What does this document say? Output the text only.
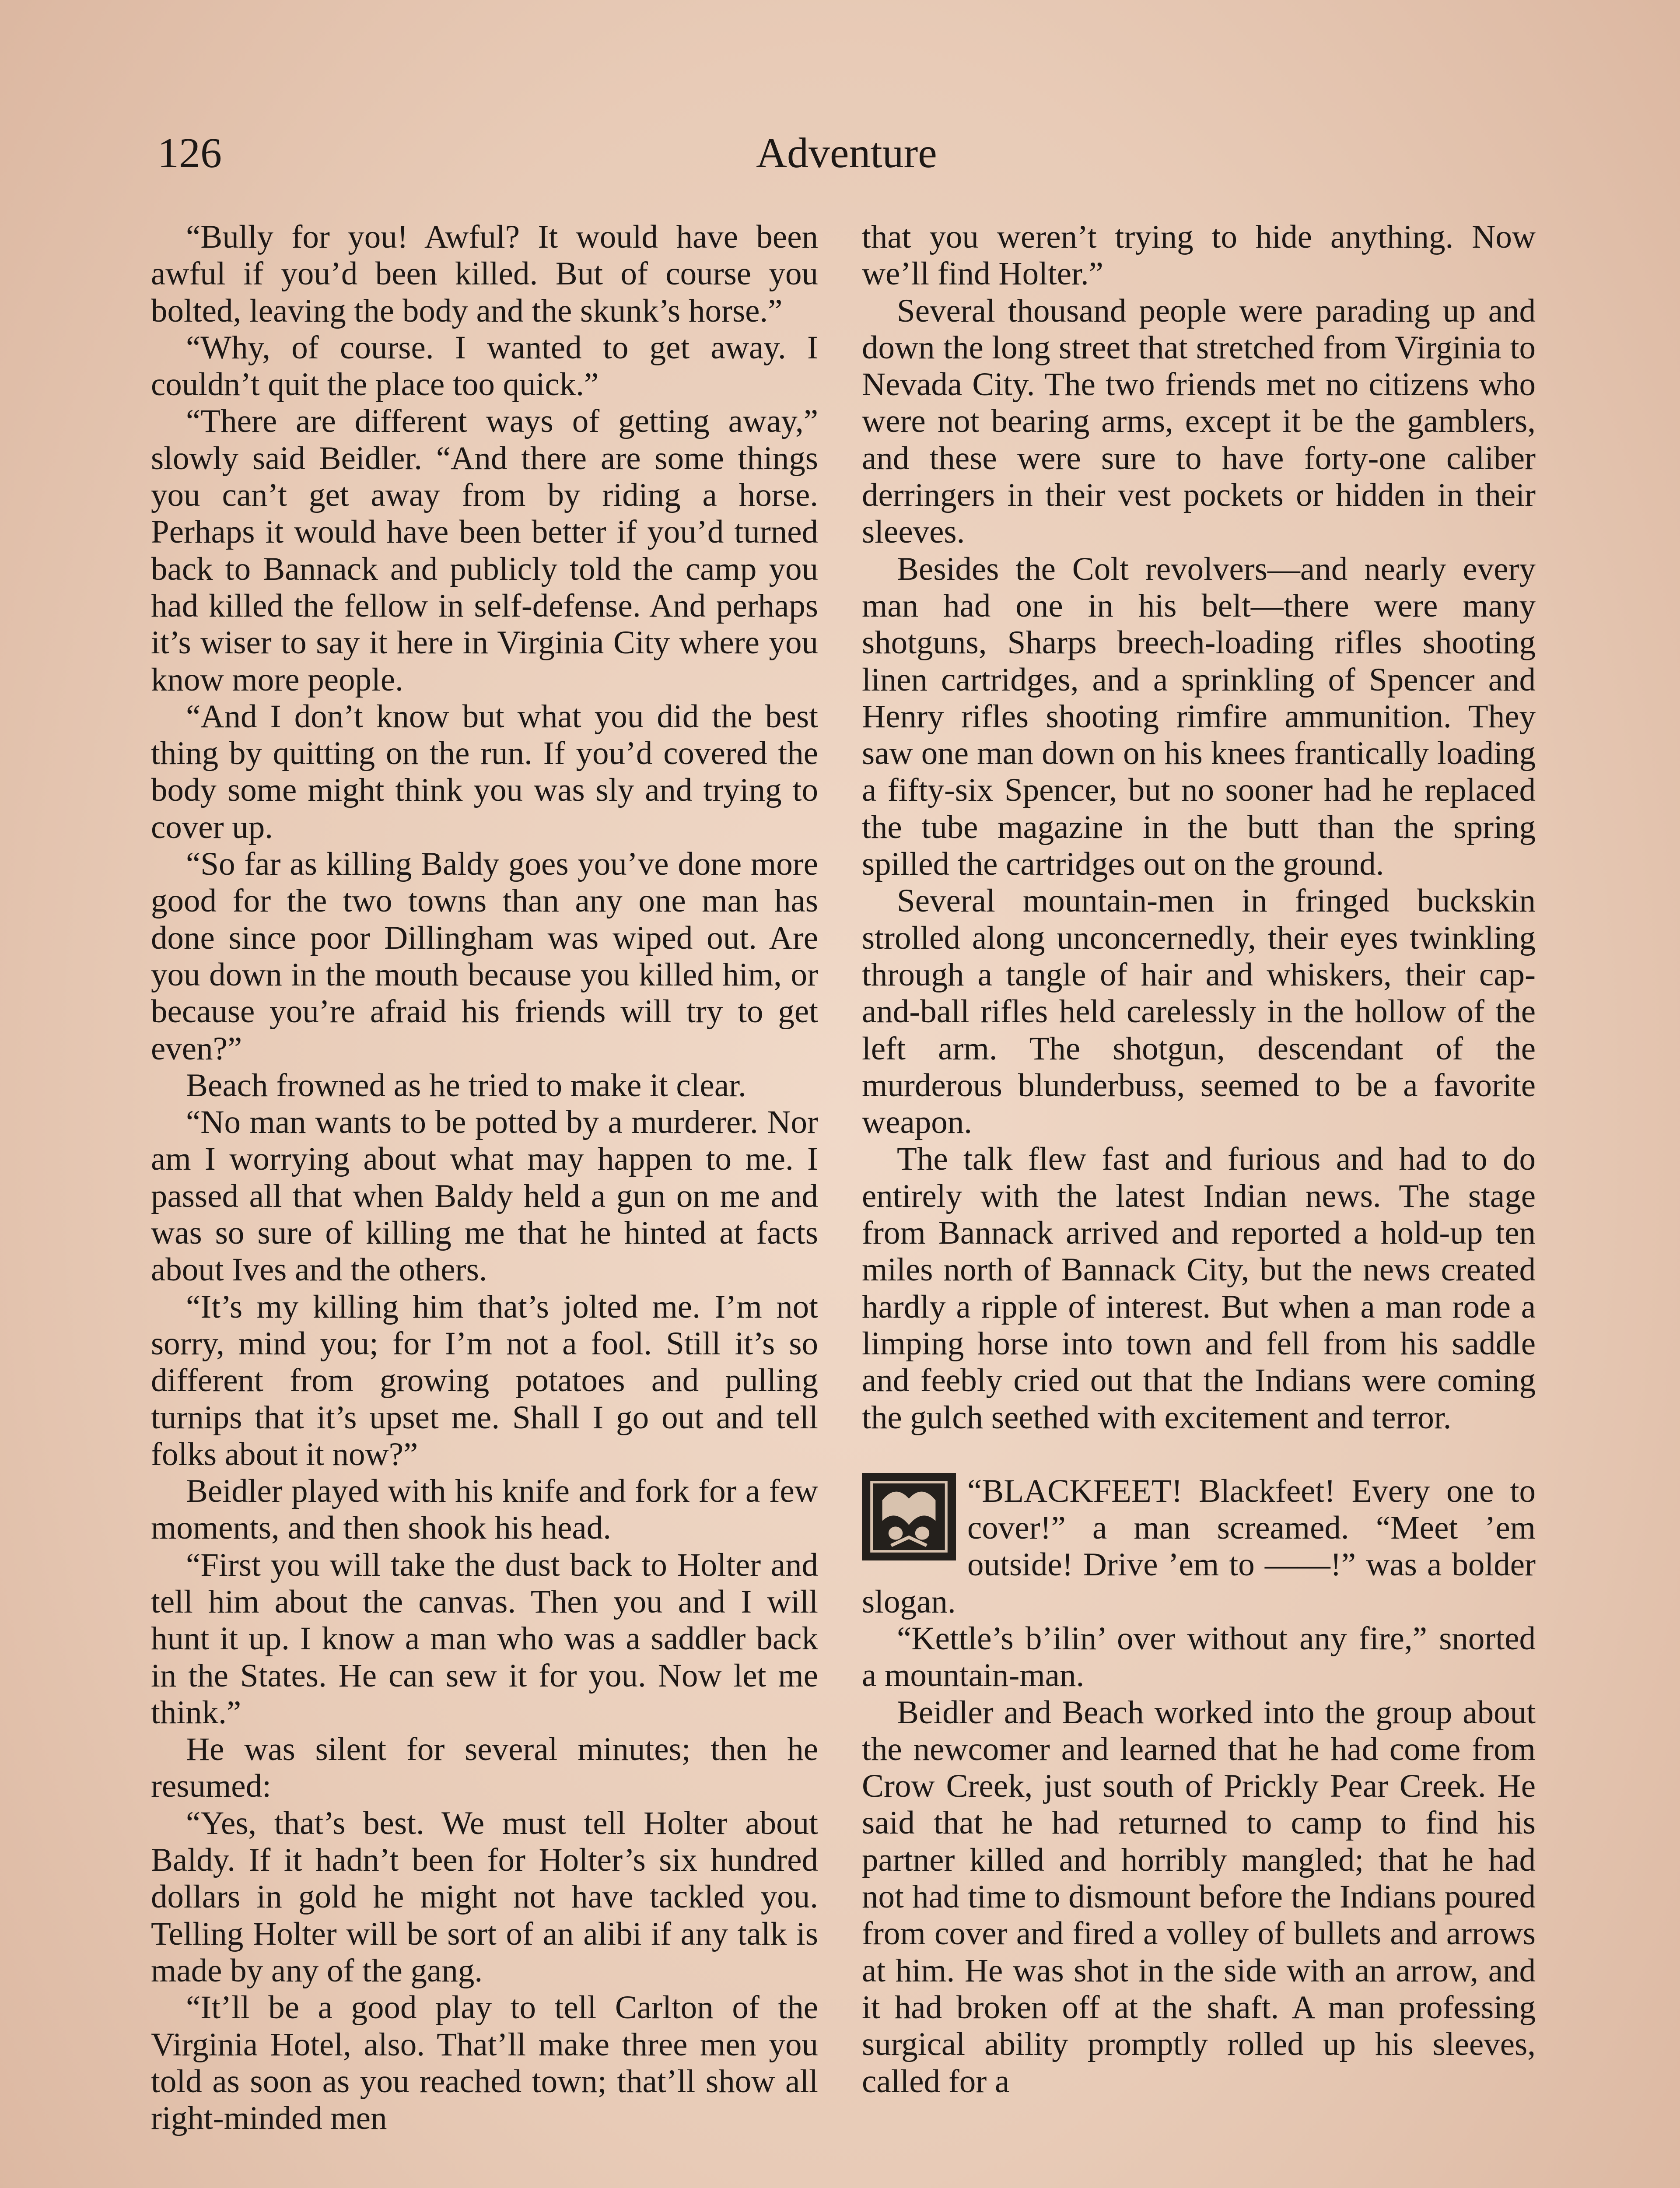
126	Adventure

“Bully for you! Awful? It would have been awful if you’d been killed. But of course you bolted, leaving the body and the skunk’s horse.”

“Why, of course. I wanted to get away. I couldn’t quit the place too quick.”

“There are different ways of getting away,” slowly said Beidler. “And there are some things you can’t get away from by riding a horse. Perhaps it would have been better if you’d turned back to Bannack and publicly told the camp you had killed the fellow in self-defense. And perhaps it’s wiser to say it here in Virginia City where you know more people.

“And I don’t know but what you did the best thing by quitting on the run. If you’d covered the body some might think you was sly and trying to cover up.

“So far as killing Baldy goes you’ve done more good for the two towns than any one man has done since poor Dillingham was wiped out. Are you down in the mouth because you killed him, or because you’re afraid his friends will try to get even?”

Beach frowned as he tried to make it clear.

“No man wants to be potted by a murderer. Nor am I worrying about what may happen to me. I passed all that when Baldy held a gun on me and was so sure of killing me that he hinted at facts about Ives and the others.

“It’s my killing him that’s jolted me. I’m not sorry, mind you; for I’m not a fool. Still it’s so different from growing potatoes and pulling turnips that it’s upset me. Shall I go out and tell folks about it now?”

Beidler played with his knife and fork for a few moments, and then shook his head.

“First you will take the dust back to Holter and tell him about the canvas. Then you and I will hunt it up. I know a man who was a saddler back in the States. He can sew it for you. Now let me think.”

He was silent for several minutes; then he resumed:

“Yes, that’s best. We must tell Holter about Baldy. If it hadn’t been for Holter’s six hundred dollars in gold he might not have tackled you. Telling Holter will be sort of an alibi if any talk is made by any of the gang.

“It’ll be a good play to tell Carlton of the Virginia Hotel, also. That’ll make three men you told as soon as you reached town; that’ll show all right-minded men

that you weren’t trying to hide anything. Now we’ll find Holter.”

Several thousand people were parading up and down the long street that stretched from Virginia to Nevada City. The two friends met no citizens who were not bearing arms, except it be the gamblers, and these were sure to have forty-one caliber derringers in their vest pockets or hidden in their sleeves.

Besides the Colt revolvers—and nearly every man had one in his belt—there were many shotguns, Sharps breech-loading rifles shooting linen cartridges, and a sprinkling of Spencer and Henry rifles shooting rimfire ammunition. They saw one man down on his knees frantically loading a fifty-six Spencer, but no sooner had he replaced the tube magazine in the butt than the spring spilled the cartridges out on the ground.

Several mountain-men in fringed buckskin strolled along unconcernedly, their eyes twinkling through a tangle of hair and whiskers, their cap-and-ball rifles held carelessly in the hollow of the left arm. The shotgun, descendant of the murderous blunderbuss, seemed to be a favorite weapon.

The talk flew fast and furious and had to do entirely with the latest Indian news. The stage from Bannack arrived and reported a hold-up ten miles north of Bannack City, but the news created hardly a ripple of interest. But when a man rode a limping horse into town and fell from his saddle and feebly cried out that the Indians were coming the gulch seethed with excitement and terror.

“BLACKFEET! Blackfeet! Every one to cover!” a man screamed. “Meet ’em outside! Drive ’em to ——!” was a bolder slogan.

“Kettle’s b’ilin’ over without any fire,” snorted a mountain-man.

Beidler and Beach worked into the group about the newcomer and learned that he had come from Crow Creek, just south of Prickly Pear Creek. He said that he had returned to camp to find his partner killed and horribly mangled; that he had not had time to dismount before the Indians poured from cover and fired a volley of bullets and arrows at him. He was shot in the side with an arrow, and it had broken off at the shaft. A man professing surgical ability promptly rolled up his sleeves, called for a
